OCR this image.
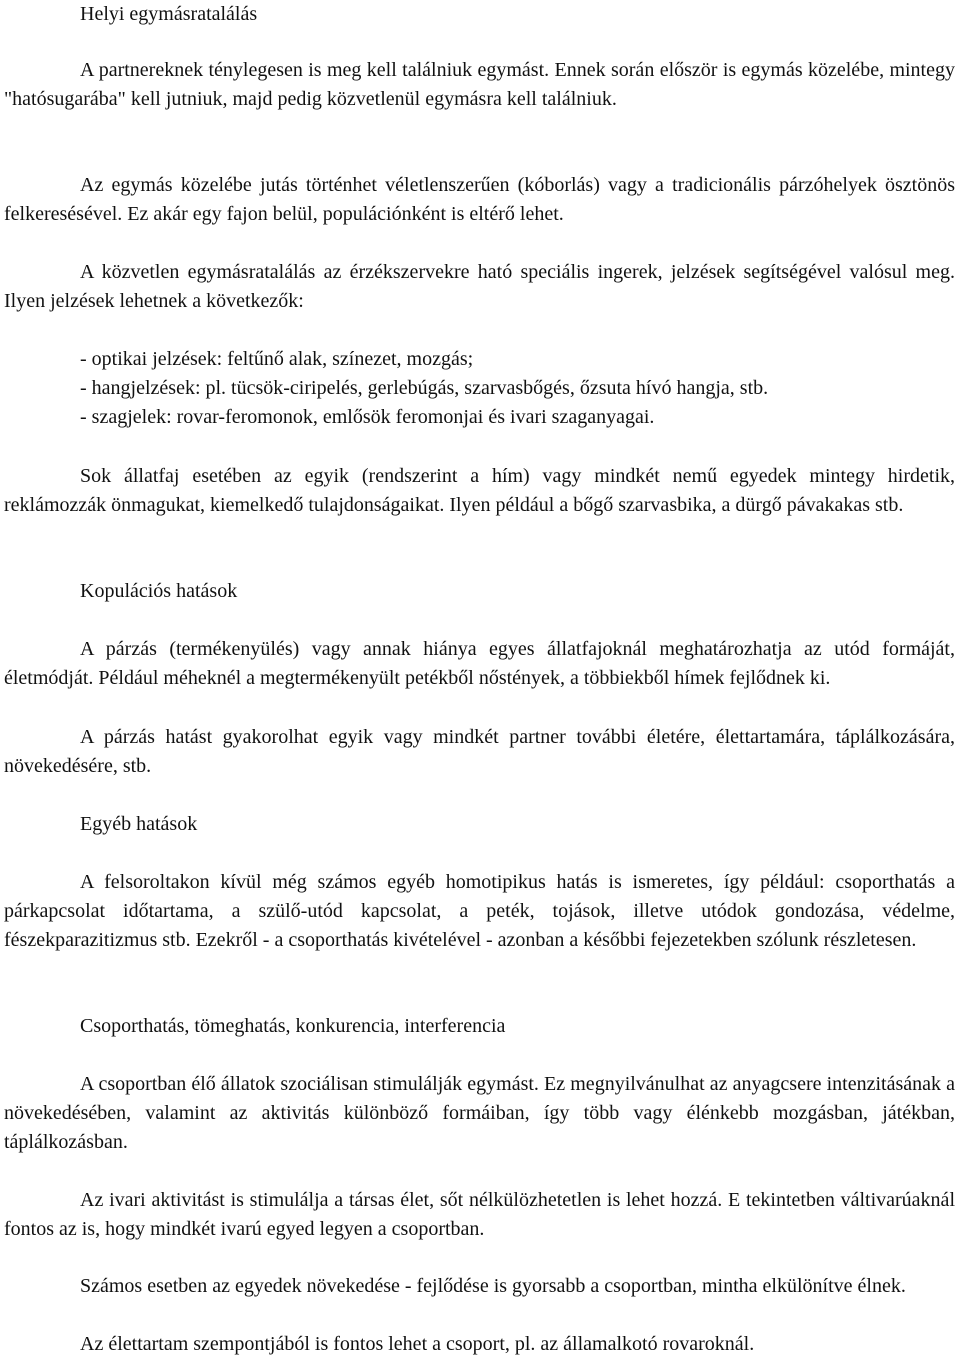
Helyi egymásratalálás

A partnereknek ténylegesen is meg kell találniuk egymást. Ennek során először is egymás közelébe, mintegy "hatósugarába" kell jutniuk, majd pedig közvetlenül egymásra kell találniuk.

Az egymás közelébe jutás történhet véletlenszerűen (kóborlás) vagy a tradicionális párzóhelyek ösztönös felkeresésével. Ez akár egy fajon belül, populációnként is eltérő lehet.

A közvetlen egymásratalálás az érzékszervekre ható speciális ingerek, jelzések segítségével valósul meg. Ilyen jelzések lehetnek a következők:

- optikai jelzések: feltűnő alak, színezet, mozgás;
- hangjelzések: pl. tücsök-ciripelés, gerlebúgás, szarvasbőgés, őzsuta hívó hangja, stb.
- szagjelek: rovar-feromonok, emlősök feromonjai és ivari szaganyagai.

Sok állatfaj esetében az egyik (rendszerint a hím) vagy mindkét nemű egyedek mintegy hirdetik, reklámozzák önmagukat, kiemelkedő tulajdonságaikat. Ilyen például a bőgő szarvasbika, a dürgő pávakakas stb.

Kopulációs hatások

A párzás (termékenyülés) vagy annak hiánya egyes állatfajoknál meghatározhatja az utód formáját, életmódját. Például méheknél a megtermékenyült petékből nőstények, a többiekből hímek fejlődnek ki.

A párzás hatást gyakorolhat egyik vagy mindkét partner további életére, élettartamára, táplálkozására, növekedésére, stb.

Egyéb hatások

A felsoroltakon kívül még számos egyéb homotipikus hatás is ismeretes, így például: csoporthatás a párkapcsolat időtartama, a szülő-utód kapcsolat, a peték, tojások, illetve utódok gondozása, védelme, fészekparazitizmus stb. Ezekről - a csoporthatás kivételével - azonban a későbbi fejezetekben szólunk részletesen.

Csoporthatás, tömeghatás, konkurencia, interferencia

A csoportban élő állatok szociálisan stimulálják egymást. Ez megnyilvánulhat az anyagcsere intenzitásának a növekedésében, valamint az aktivitás különböző formáiban, így több vagy élénkebb mozgásban, játékban, táplálkozásban.

Az ivari aktivitást is stimulálja a társas élet, sőt nélkülözhetetlen is lehet hozzá. E tekintetben váltivarúaknál fontos az is, hogy mindkét ivarú egyed legyen a csoportban.

Számos esetben az egyedek növekedése - fejlődése is gyorsabb a csoportban, mintha elkülönítve élnek.

Az élettartam szempontjából is fontos lehet a csoport, pl. az államalkotó rovaroknál.
